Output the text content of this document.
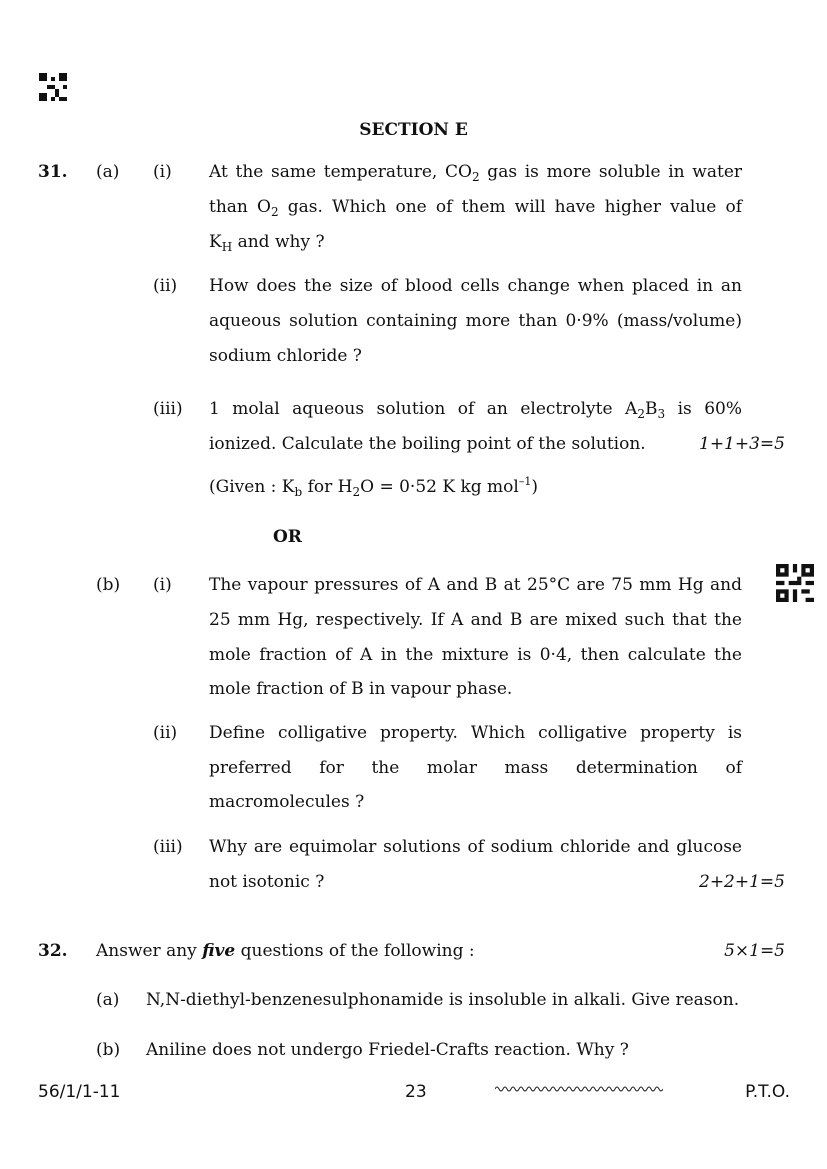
SECTION E
31. (a) (i) At the same temperature, $CO_2$ gas is more soluble in water
than $O_2$ gas. Which one of them will have higher value of
$K_H$ and why ?
(ii) How does the size of blood cells change when placed in an
aqueous solution containing more than 0·9% (mass/volume)
sodium chloride ?
(iii) 1 molal aqueous solution of an electrolyte $A_2B_3$ is 60%
ionized. Calculate the boiling point of the solution.	1+1+3=5
(Given : $K_b$ for $H_2O = 0\cdot 52$ K kg mol$^{-1}$)
OR
(b) (i) The vapour pressures of A and B at 25°C are 75 mm Hg and
25 mm Hg, respectively. If A and B are mixed such that the
mole fraction of A in the mixture is 0·4, then calculate the
mole fraction of B in vapour phase.
(ii) Define colligative property. Which colligative property is
preferred for the molar mass determination of
macromolecules ?
(iii) Why are equimolar solutions of sodium chloride and glucose
not isotonic ?	2+2+1=5
32. Answer any five questions of the following :	5×1=5
(a) N,N-diethyl-benzenesulphonamide is insoluble in alkali. Give reason.
(b) Aniline does not undergo Friedel-Crafts reaction. Why ?
56/1/1-11	23	P.T.O.
